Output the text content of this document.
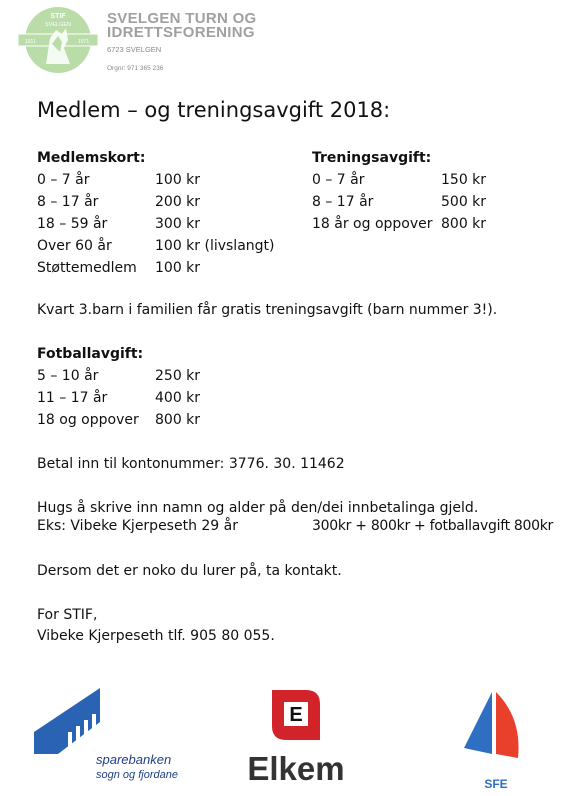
STIF
SVELGEN
1911	1971
SVELGEN TURN OG
IDRETTSFORENING
6723 SVELGEN
Orgnr: 971 365 236
Medlem – og treningsavgift 2018:
Medlemskort:
0 – 7 år	100 kr
8 – 17 år	200 kr
18 – 59 år	300 kr
Over 60 år	100 kr (livslangt)
Støttemedlem 100 kr
Treningsavgift:
0 – 7 år	150 kr
8 – 17 år	500 kr
18 år og oppover 800 kr
Kvart 3.barn i familien får gratis treningsavgift (barn nummer 3!).
Fotballavgift:
5 – 10 år	250 kr
11 – 17 år	400 kr
18 og oppover 800 kr
Betal inn til kontonummer: 3776. 30. 11462
Hugs å skrive inn namn og alder på den/dei innbetalinga gjeld.
Eks: Vibeke Kjerpeseth 29 år	300kr + 800kr + fotballavgift 800kr
Dersom det er noko du lurer på, ta kontakt.
For STIF,
Vibeke Kjerpeseth tlf. 905 80 055.
sparebanken
sogn og fjordane
E
Elkem	SFE
